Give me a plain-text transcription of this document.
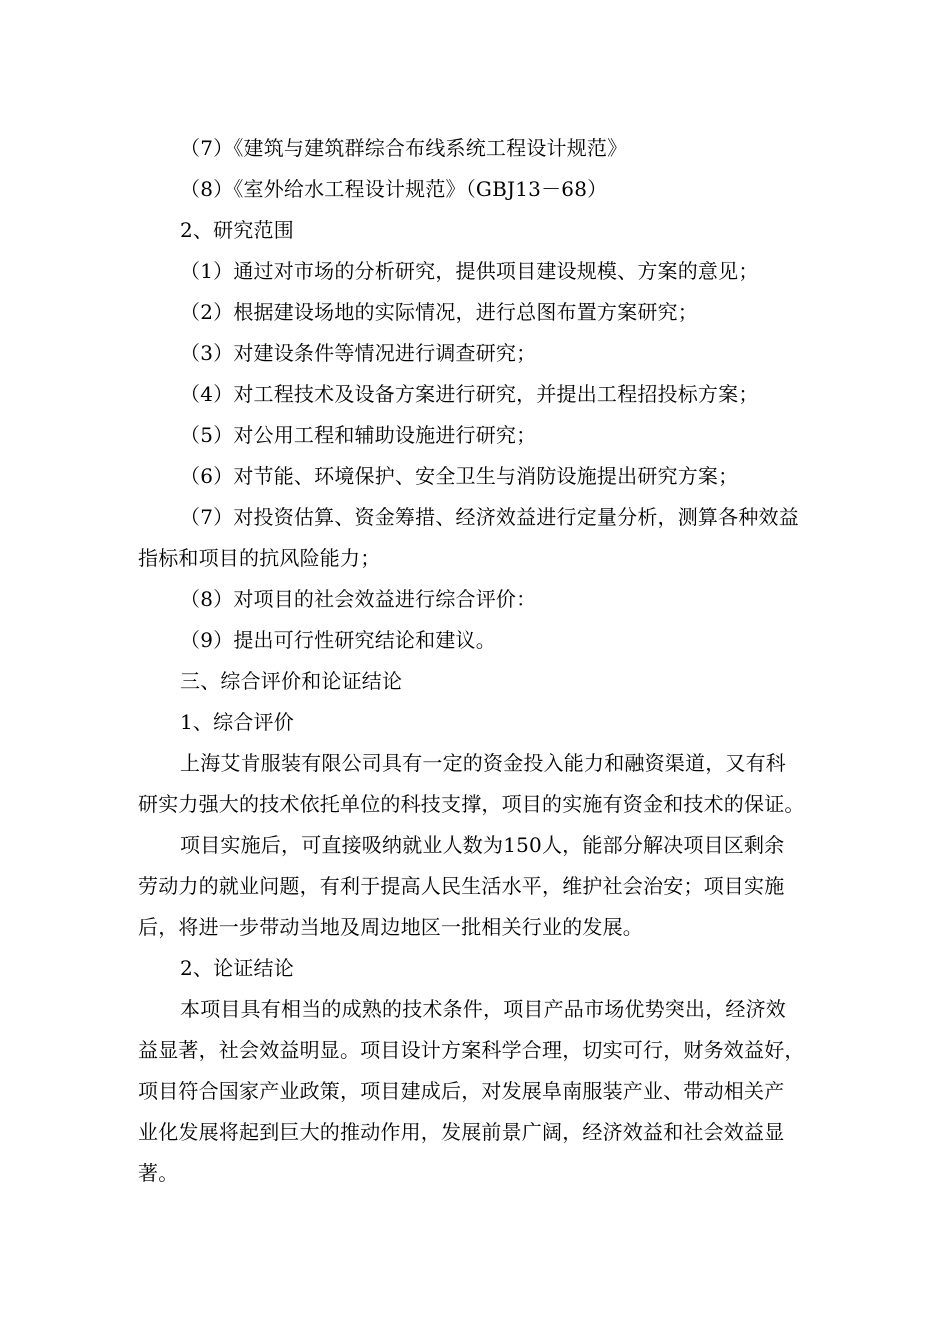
（7）《建筑与建筑群综合布线系统工程设计规范》
（8）《室外给水工程设计规范》（GBJ13－68）
2、研究范围
（1）通过对市场的分析研究，提供项目建设规模、方案的意见；
（2）根据建设场地的实际情况，进行总图布置方案研究；
（3）对建设条件等情况进行调查研究；
（4）对工程技术及设备方案进行研究，并提出工程招投标方案；
（5）对公用工程和辅助设施进行研究；
（6）对节能、环境保护、安全卫生与消防设施提出研究方案；
（7）对投资估算、资金筹措、经济效益进行定量分析，测算各种效益
指标和项目的抗风险能力；
（8）对项目的社会效益进行综合评价：
（9）提出可行性研究结论和建议。
三、综合评价和论证结论
1、综合评价
上海艾肯服装有限公司具有一定的资金投入能力和融资渠道，又有科
研实力强大的技术依托单位的科技支撑，项目的实施有资金和技术的保证。
项目实施后，可直接吸纳就业人数为150人，能部分解决项目区剩余
劳动力的就业问题，有利于提高人民生活水平，维护社会治安；项目实施
后，将进一步带动当地及周边地区一批相关行业的发展。
2、论证结论
本项目具有相当的成熟的技术条件，项目产品市场优势突出，经济效
益显著，社会效益明显。项目设计方案科学合理，切实可行，财务效益好，
项目符合国家产业政策，项目建成后，对发展阜南服装产业、带动相关产
业化发展将起到巨大的推动作用，发展前景广阔，经济效益和社会效益显
著。
